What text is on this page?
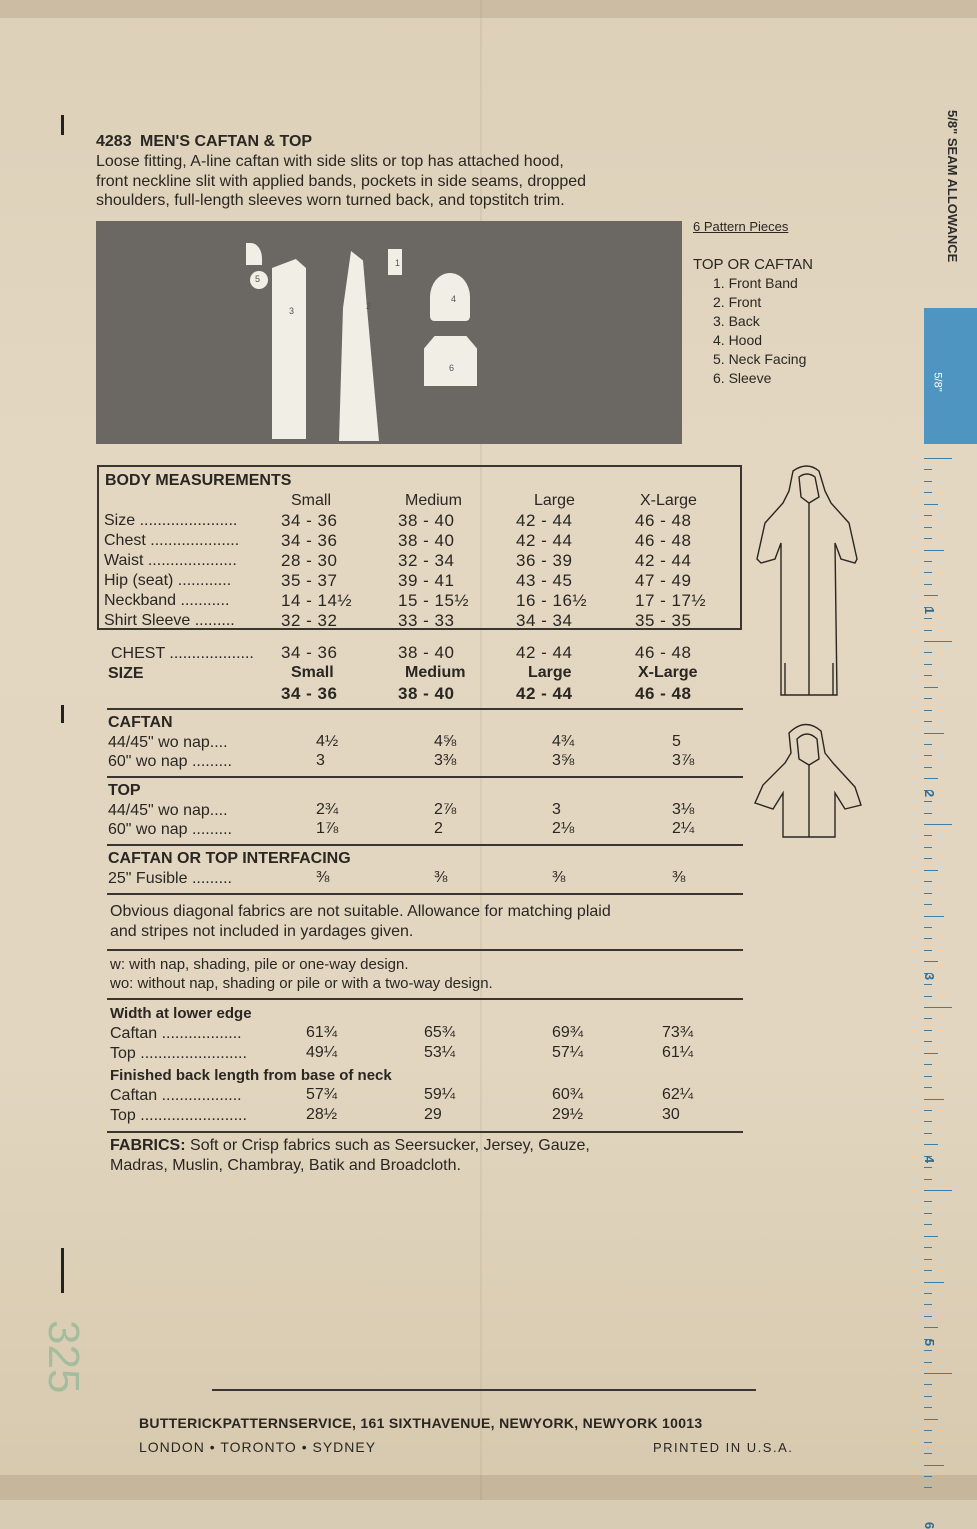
4283 MEN'S CAFTAN & TOP
Loose fitting, A-line caftan with side slits or top has attached hood,
front neckline slit with applied bands, pockets in side seams, dropped
shoulders, full-length sleeves worn turned back, and topstitch trim.
1
2
3
4
5
6
6 Pattern Pieces
TOP OR CAFTAN
1. Front Band
2. Front
3. Back
4. Hood
5. Neck Facing
6. Sleeve
BODY MEASUREMENTS
Small	Medium	Large	X-Large
Size ......................	34 - 36	38 - 40	42 - 44	46 - 48
Chest .................... 34 - 36	38 - 40	42 - 44	46 - 48
Waist ....................	28 - 30	32 - 34	36 - 39	42 - 44
Hip (seat) ............	35 - 37	39 - 41	43 - 45	47 - 49
Neckband ...........	14 - 14½	15 - 15½	16 - 16½	17 - 17½
Shirt Sleeve .........	32 - 32	33 - 33	34 - 34	35 - 35
CHEST ................... 34 - 36	38 - 40	42 - 44	46 - 48
SIZE	Small	Medium	Large	X-Large
34 - 36	38 - 40	42 - 44	46 - 48
CAFTAN
44/45" wo nap....	4½	4⅝	4¾	5
60" wo nap .........	3	3⅜	3⅝	3⅞
TOP
44/45" wo nap....	2¾	2⅞	3	3⅛
60" wo nap .........	1⅞	2	2⅛	2¼
CAFTAN OR TOP INTERFACING
25" Fusible .........	⅜	⅜	⅜	⅜
Obvious diagonal fabrics are not suitable. Allowance for matching plaid
and stripes not included in yardages given.
w: with nap, shading, pile or one-way design.
wo: without nap, shading or pile or with a two-way design.
Width at lower edge
Caftan ..................	61¾	65¾	69¾	73¾
Top ........................	49¼	53¼	57¼	61¼
Finished back length from base of neck
Caftan ..................	57¾	59¼	60¾	62¼
Top ........................	28½	29	29½	30
FABRICS: Soft or Crisp fabrics such as Seersucker, Jersey, Gauze,
Madras, Muslin, Chambray, Batik and Broadcloth.
325
BUTTERICKPATTERNSERVICE, 161 SIXTHAVENUE, NEWYORK, NEWYORK 10013
LONDON • TORONTO • SYDNEY	PRINTED IN U.S.A.
5/8"
1
2
3
4
5
6
5/8" SEAM ALLOWANCE
